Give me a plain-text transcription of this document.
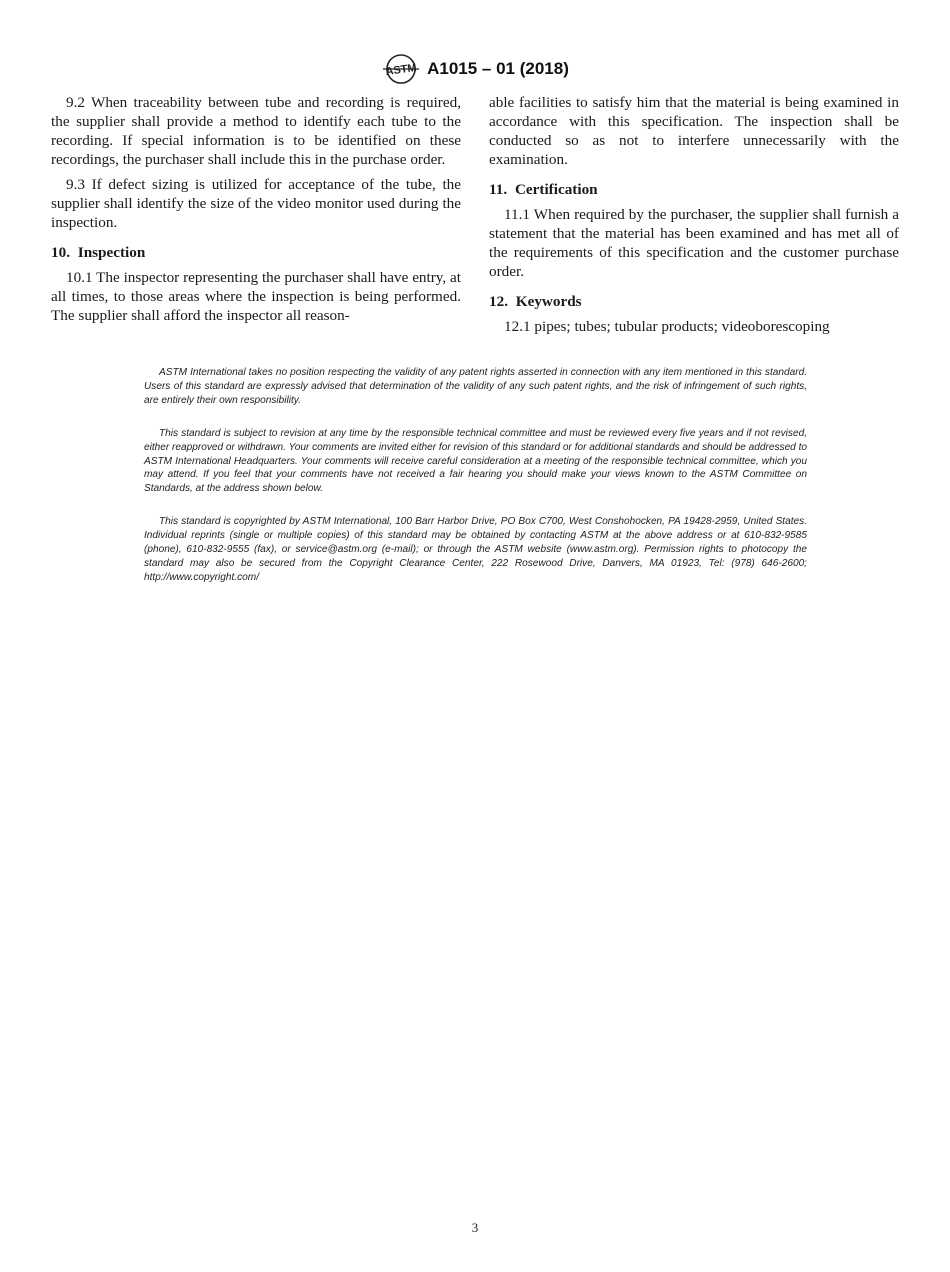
ASTM A1015 – 01 (2018)

9.2 When traceability between tube and recording is required, the supplier shall provide a method to identify each tube to the recording. If special information is to be identified on these recordings, the purchaser shall include this in the purchase order.

9.3 If defect sizing is utilized for acceptance of the tube, the supplier shall identify the size of the video monitor used during the inspection.

10. Inspection

10.1 The inspector representing the purchaser shall have entry, at all times, to those areas where the inspection is being performed. The supplier shall afford the inspector all reason-

able facilities to satisfy him that the material is being examined in accordance with this specification. The inspection shall be conducted so as not to interfere unnecessarily with the examination.

11. Certification

11.1 When required by the purchaser, the supplier shall furnish a statement that the material has been examined and has met all of the requirements of this specification and the customer purchase order.

12. Keywords

12.1 pipes; tubes; tubular products; videoborescoping

ASTM International takes no position respecting the validity of any patent rights asserted in connection with any item mentioned in this standard. Users of this standard are expressly advised that determination of the validity of any such patent rights, and the risk of infringement of such rights, are entirely their own responsibility.

This standard is subject to revision at any time by the responsible technical committee and must be reviewed every five years and if not revised, either reapproved or withdrawn. Your comments are invited either for revision of this standard or for additional standards and should be addressed to ASTM International Headquarters. Your comments will receive careful consideration at a meeting of the responsible technical committee, which you may attend. If you feel that your comments have not received a fair hearing you should make your views known to the ASTM Committee on Standards, at the address shown below.

This standard is copyrighted by ASTM International, 100 Barr Harbor Drive, PO Box C700, West Conshohocken, PA 19428-2959, United States. Individual reprints (single or multiple copies) of this standard may be obtained by contacting ASTM at the above address or at 610-832-9585 (phone), 610-832-9555 (fax), or service@astm.org (e-mail); or through the ASTM website (www.astm.org). Permission rights to photocopy the standard may also be secured from the Copyright Clearance Center, 222 Rosewood Drive, Danvers, MA 01923, Tel: (978) 646-2600; http://www.copyright.com/

3
